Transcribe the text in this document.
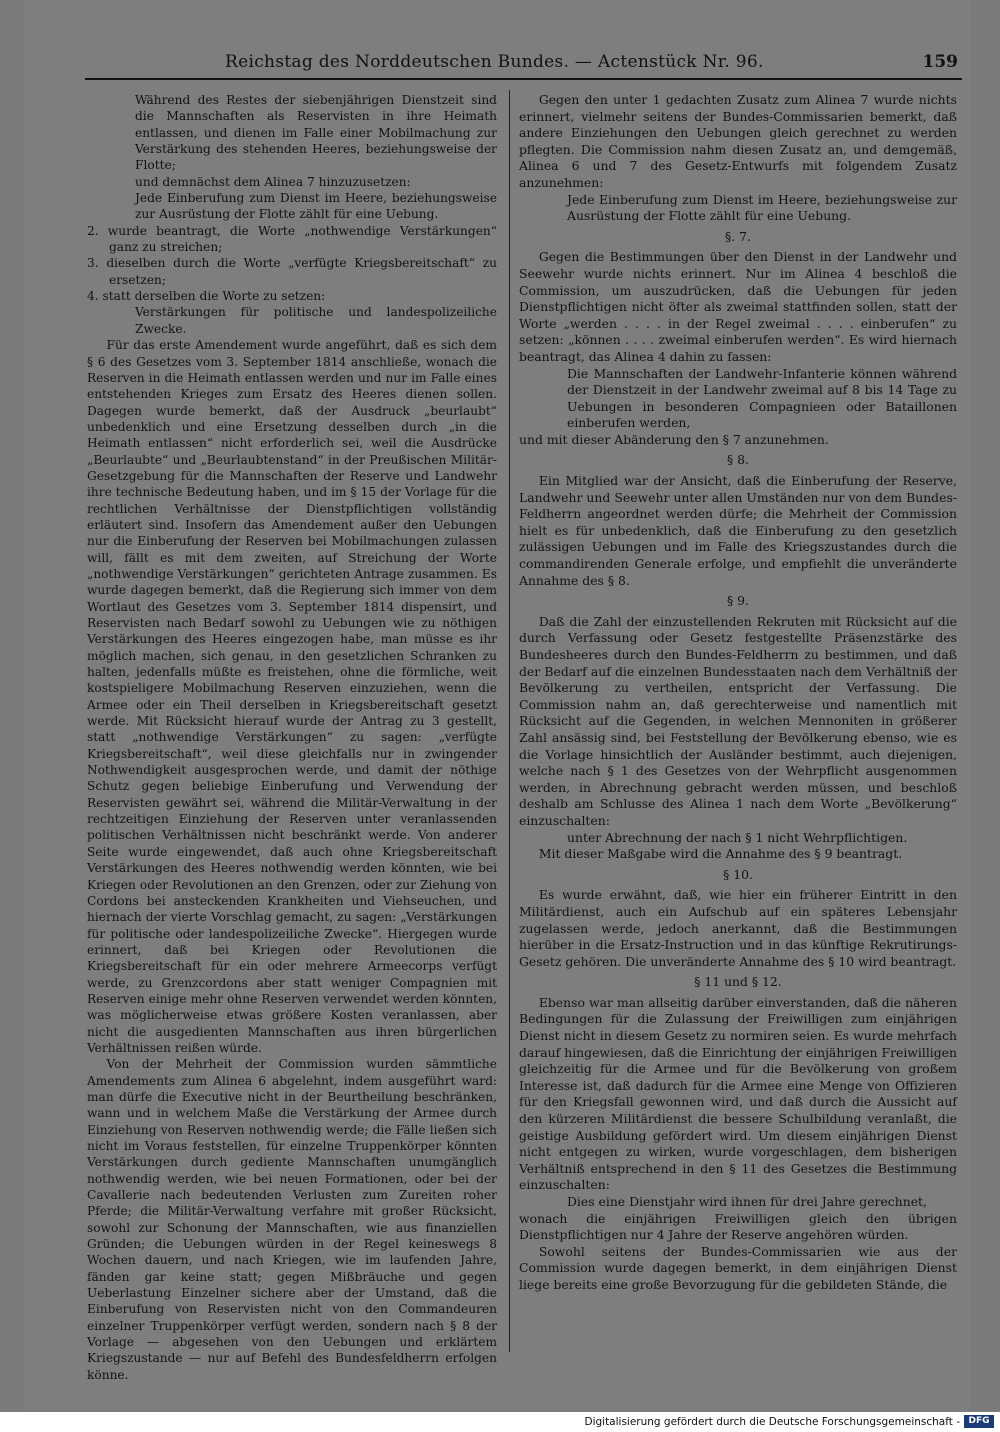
Reichstag des Norddeutschen Bundes. — Actenstück Nr. 96.	159

Während des Restes der siebenjährigen Dienstzeit sind die Mannschaften als Reservisten in ihre Heimath entlassen, und dienen im Falle einer Mobilmachung zur Verstärkung des stehenden Heeres, beziehungsweise der Flotte;

und demnächst dem Alinea 7 hinzuzusetzen:

Jede Einberufung zum Dienst im Heere, beziehungsweise zur Ausrüstung der Flotte zählt für eine Uebung.

2. wurde beantragt, die Worte „nothwendige Verstärkungen“ ganz zu streichen;

3. dieselben durch die Worte „verfügte Kriegsbereitschaft“ zu ersetzen;

4. statt derselben die Worte zu setzen:

Verstärkungen für politische und landespolizeiliche Zwecke.

Für das erste Amendement wurde angeführt, daß es sich dem § 6 des Gesetzes vom 3. September 1814 anschließe, wonach die Reserven in die Heimath entlassen werden und nur im Falle eines entstehenden Krieges zum Ersatz des Heeres dienen sollen. Dagegen wurde bemerkt, daß der Ausdruck „beurlaubt“ unbedenklich und eine Ersetzung desselben durch „in die Heimath entlassen“ nicht erforderlich sei, weil die Ausdrücke „Beurlaubte“ und „Beurlaubtenstand“ in der Preußischen Militär-Gesetzgebung für die Mannschaften der Reserve und Landwehr ihre technische Bedeutung haben, und im § 15 der Vorlage für die rechtlichen Verhältnisse der Dienstpflichtigen vollständig erläutert sind. Insofern das Amendement außer den Uebungen nur die Einberufung der Reserven bei Mobilmachungen zulassen will, fällt es mit dem zweiten, auf Streichung der Worte „nothwendige Verstärkungen“ gerichteten Antrage zusammen. Es wurde dagegen bemerkt, daß die Regierung sich immer von dem Wortlaut des Gesetzes vom 3. September 1814 dispensirt, und Reservisten nach Bedarf sowohl zu Uebungen wie zu nöthigen Verstärkungen des Heeres eingezogen habe, man müsse es ihr möglich machen, sich genau, in den gesetzlichen Schranken zu halten, jedenfalls müßte es freistehen, ohne die förmliche, weit kostspieligere Mobilmachung Reserven einzuziehen, wenn die Armee oder ein Theil derselben in Kriegsbereitschaft gesetzt werde. Mit Rücksicht hierauf wurde der Antrag zu 3 gestellt, statt „nothwendige Verstärkungen“ zu sagen: „verfügte Kriegsbereitschaft“, weil diese gleichfalls nur in zwingender Nothwendigkeit ausgesprochen werde, und damit der nöthige Schutz gegen beliebige Einberufung und Verwendung der Reservisten gewährt sei, während die Militär-Verwaltung in der rechtzeitigen Einziehung der Reserven unter veranlassenden politischen Verhältnissen nicht beschränkt werde. Von anderer Seite wurde eingewendet, daß auch ohne Kriegsbereitschaft Verstärkungen des Heeres nothwendig werden könnten, wie bei Kriegen oder Revolutionen an den Grenzen, oder zur Ziehung von Cordons bei ansteckenden Krankheiten und Viehseuchen, und hiernach der vierte Vorschlag gemacht, zu sagen: „Verstärkungen für politische oder landespolizeiliche Zwecke“. Hiergegen wurde erinnert, daß bei Kriegen oder Revolutionen die Kriegsbereitschaft für ein oder mehrere Armeecorps verfügt werde, zu Grenzcordons aber statt weniger Compagnien mit Reserven einige mehr ohne Reserven verwendet werden könnten, was möglicherweise etwas größere Kosten veranlassen, aber nicht die ausgedienten Mannschaften aus ihren bürgerlichen Verhältnissen reißen würde.

Von der Mehrheit der Commission wurden sämmtliche Amendements zum Alinea 6 abgelehnt, indem ausgeführt ward: man dürfe die Executive nicht in der Beurtheilung beschränken, wann und in welchem Maße die Verstärkung der Armee durch Einziehung von Reserven nothwendig werde; die Fälle ließen sich nicht im Voraus feststellen, für einzelne Truppenkörper könnten Verstärkungen durch gediente Mannschaften unumgänglich nothwendig werden, wie bei neuen Formationen, oder bei der Cavallerie nach bedeutenden Verlusten zum Zureiten roher Pferde; die Militär-Verwaltung verfahre mit großer Rücksicht, sowohl zur Schonung der Mannschaften, wie aus finanziellen Gründen; die Uebungen würden in der Regel keineswegs 8 Wochen dauern, und nach Kriegen, wie im laufenden Jahre, fänden gar keine statt; gegen Mißbräuche und gegen Ueberlastung Einzelner sichere aber der Umstand, daß die Einberufung von Reservisten nicht von den Commandeuren einzelner Truppenkörper verfügt werden, sondern nach § 8 der Vorlage — abgesehen von den Uebungen und erklärtem Kriegszustande — nur auf Befehl des Bundesfeldherrn erfolgen könne.

Gegen den unter 1 gedachten Zusatz zum Alinea 7 wurde nichts erinnert, vielmehr seitens der Bundes-Commissarien bemerkt, daß andere Einziehungen den Uebungen gleich gerechnet zu werden pflegten. Die Commission nahm diesen Zusatz an, und demgemäß, Alinea 6 und 7 des Gesetz-Entwurfs mit folgendem Zusatz anzunehmen:

Jede Einberufung zum Dienst im Heere, beziehungsweise zur Ausrüstung der Flotte zählt für eine Uebung.

§. 7.

Gegen die Bestimmungen über den Dienst in der Landwehr und Seewehr wurde nichts erinnert. Nur im Alinea 4 beschloß die Commission, um auszudrücken, daß die Uebungen für jeden Dienstpflichtigen nicht öfter als zweimal stattfinden sollen, statt der Worte „werden . . . . in der Regel zweimal . . . . einberufen“ zu setzen: „können . . . . zweimal einberufen werden“. Es wird hiernach beantragt, das Alinea 4 dahin zu fassen:

Die Mannschaften der Landwehr-Infanterie können während der Dienstzeit in der Landwehr zweimal auf 8 bis 14 Tage zu Uebungen in besonderen Compagnieen oder Bataillonen einberufen werden,

und mit dieser Abänderung den § 7 anzunehmen.

§ 8.

Ein Mitglied war der Ansicht, daß die Einberufung der Reserve, Landwehr und Seewehr unter allen Umständen nur von dem Bundes-Feldherrn angeordnet werden dürfe; die Mehrheit der Commission hielt es für unbedenklich, daß die Einberufung zu den gesetzlich zulässigen Uebungen und im Falle des Kriegszustandes durch die commandirenden Generale erfolge, und empfiehlt die unveränderte Annahme des § 8.

§ 9.

Daß die Zahl der einzustellenden Rekruten mit Rücksicht auf die durch Verfassung oder Gesetz festgestellte Präsenzstärke des Bundesheeres durch den Bundes-Feldherrn zu bestimmen, und daß der Bedarf auf die einzelnen Bundesstaaten nach dem Verhältniß der Bevölkerung zu vertheilen, entspricht der Verfassung. Die Commission nahm an, daß gerechterweise und namentlich mit Rücksicht auf die Gegenden, in welchen Mennoniten in größerer Zahl ansässig sind, bei Feststellung der Bevölkerung ebenso, wie es die Vorlage hinsichtlich der Ausländer bestimmt, auch diejenigen, welche nach § 1 des Gesetzes von der Wehrpflicht ausgenommen werden, in Abrechnung gebracht werden müssen, und beschloß deshalb am Schlusse des Alinea 1 nach dem Worte „Bevölkerung“ einzuschalten:

unter Abrechnung der nach § 1 nicht Wehrpflichtigen.

Mit dieser Maßgabe wird die Annahme des § 9 beantragt.

§ 10.

Es wurde erwähnt, daß, wie hier ein früherer Eintritt in den Militärdienst, auch ein Aufschub auf ein späteres Lebensjahr zugelassen werde, jedoch anerkannt, daß die Bestimmungen hierüber in die Ersatz-Instruction und in das künftige Rekrutirungs-Gesetz gehören. Die unveränderte Annahme des § 10 wird beantragt.

§ 11 und § 12.

Ebenso war man allseitig darüber einverstanden, daß die näheren Bedingungen für die Zulassung der Freiwilligen zum einjährigen Dienst nicht in diesem Gesetz zu normiren seien. Es wurde mehrfach darauf hingewiesen, daß die Einrichtung der einjährigen Freiwilligen gleichzeitig für die Armee und für die Bevölkerung von großem Interesse ist, daß dadurch für die Armee eine Menge von Offizieren für den Kriegsfall gewonnen wird, und daß durch die Aussicht auf den kürzeren Militärdienst die bessere Schulbildung veranlaßt, die geistige Ausbildung gefördert wird. Um diesem einjährigen Dienst nicht entgegen zu wirken, wurde vorgeschlagen, dem bisherigen Verhältniß entsprechend in den § 11 des Gesetzes die Bestimmung einzuschalten:

Dies eine Dienstjahr wird ihnen für drei Jahre gerechnet,

wonach die einjährigen Freiwilligen gleich den übrigen Dienstpflichtigen nur 4 Jahre der Reserve angehören würden.

Sowohl seitens der Bundes-Commissarien wie aus der Commission wurde dagegen bemerkt, in dem einjährigen Dienst liege bereits eine große Bevorzugung für die gebildeten Stände, die

Digitalisierung gefördert durch die Deutsche Forschungsgemeinschaft - DFG
